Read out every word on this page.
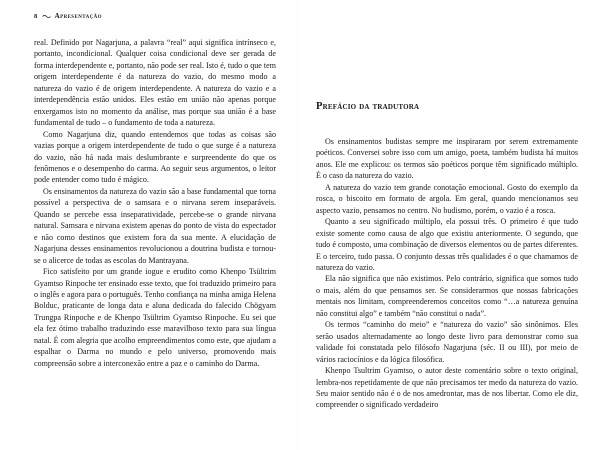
8 Apresentação

real. Definido por Nagarjuna, a palavra “real” aqui significa intrínseco e, portanto, incondicional. Qualquer coisa condicional deve ser gerada de forma interdependente e, portanto, não pode ser real. Isto é, tudo o que tem origem interdependente é da natureza do vazio, do mesmo modo a natureza do vazio é de origem interdependente. A natureza do vazio e a interdependência estão unidos. Eles estão em união não apenas porque enxergamos isto no momento da análise, mas porque sua união é a base fundamental de tudo – o fundamento de toda a natureza.

Como Nagarjuna diz, quando entendemos que todas as coisas são vazias porque a origem interdependente de tudo o que surge é a natureza do vazio, não há nada mais deslumbrante e surpreendente do que os fenômenos e o desempenho do carma. Ao seguir seus argumentos, o leitor pode entender como tudo é mágico.

Os ensinamentos da natureza do vazio são a base fundamental que torna possível a perspectiva de o samsara e o nirvana serem inseparáveis. Quando se percebe essa inseparatividade, percebe-se o grande nirvana natural. Samsara e nirvana existem apenas do ponto de vista do espectador e não como destinos que existem fora da sua mente. A elucidação de Nagarjuna desses ensinamentos revolucionou a doutrina budista e tornou-se o alicerce de todas as escolas do Mantrayana.

Fico satisfeito por um grande iogue e erudito como Khenpo Tsültrim Gyamtso Rinpoche ter ensinado esse texto, que foi traduzido primeiro para o inglês e agora para o português. Tenho confiança na minha amiga Helena Bolduc, praticante de longa data e aluna dedicada do falecido Chögyam Trungpa Rinpoche e de Khenpo Tsültrim Gyamtso Rinpoche. Eu sei que ela fez ótimo trabalho traduzindo esse maravilhoso texto para sua língua natal. É com alegria que acolho empreendimentos como este, que ajudam a espalhar o Darma no mundo e pelo universo, promovendo mais compreensão sobre a interconexão entre a paz e o caminho do Darma.

Prefácio da tradutora

Os ensinamentos budistas sempre me inspiraram por serem extremamente poéticos. Conversei sobre isso com um amigo, poeta, também budista há muitos anos. Ele me explicou: os termos são poéticos porque têm significado múltiplo. É o caso da natureza do vazio.

A natureza do vazio tem grande conotação emocional. Gosto do exemplo da rosca, o biscoito em formato de argola. Em geral, quando mencionamos seu aspecto vazio, pensamos no centro. No budismo, porém, o vazio é a rosca.

Quanto a seu significado múltiplo, ela possui três. O primeiro é que tudo existe somente como causa de algo que existiu anteriormente. O segundo, que tudo é composto, uma combinação de diversos elementos ou de partes diferentes. E o terceiro, tudo passa. O conjunto dessas três qualidades é o que chamamos de natureza do vazio.

Ela não significa que não existimos. Pelo contrário, significa que somos tudo o mais, além do que pensamos ser. Se considerarmos que nossas fabricações mentais nos limitam, compreenderemos conceitos como “…a natureza genuína não constitui algo” e também “não constitui o nada”.

Os termos “caminho do meio” e “natureza do vazio” são sinônimos. Eles serão usados alternadamente ao longo deste livro para demonstrar como sua validade foi constatada pelo filósofo Nagarjuna (séc. II ou III), por meio de vários raciocínios e da lógica filosófica.

Khenpo Tsultrim Gyamtso, o autor deste comentário sobre o texto original, lembra-nos repetidamente de que não precisamos ter medo da natureza do vazio. Seu maior sentido não é o de nos amedrontar, mas de nos libertar. Como ele diz, compreender o significado verdadeiro
